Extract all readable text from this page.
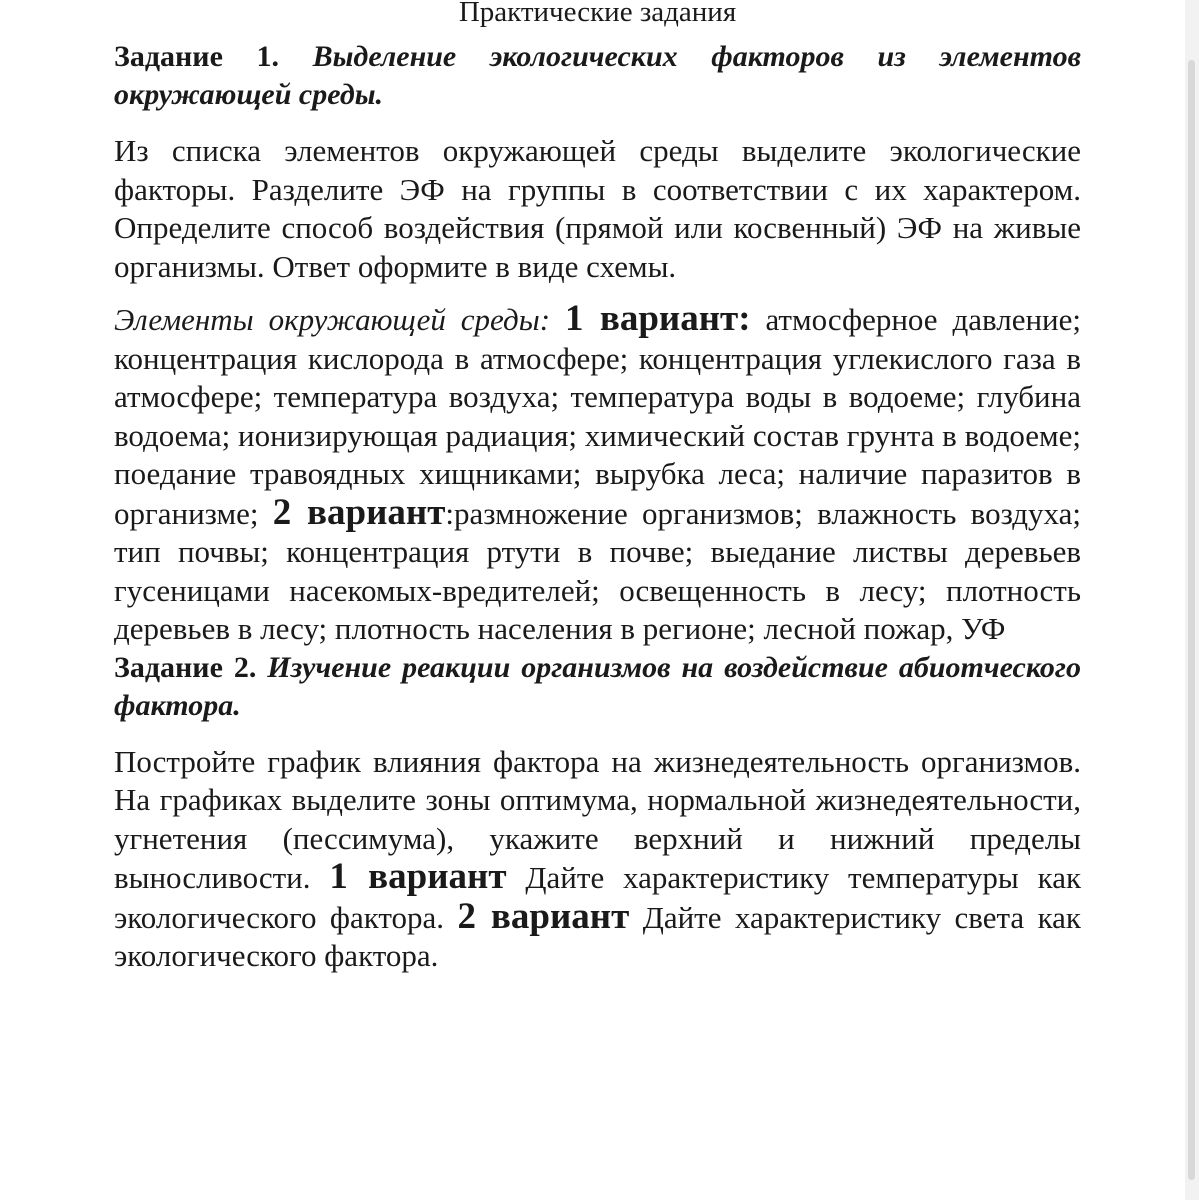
Практические задания
Задание 1. Выделение экологических факторов из элементов окружающей среды.

Из списка элементов окружающей среды выделите экологические факторы. Разделите ЭФ на группы в соответствии с их характером. Определите способ воздействия (прямой или косвенный) ЭФ на живые организмы. Ответ оформите в виде схемы.

Элементы окружающей среды: 1 вариант: атмосферное давление; концентрация кислорода в атмосфере; концентрация углекислого газа в атмосфере; температура воздуха; температура воды в водоеме; глубина водоема; ионизирующая радиация; химический состав грунта в водоеме; поедание травоядных хищниками; вырубка леса; наличие паразитов в организме; 2 вариант:размножение организмов; влажность воздуха; тип почвы; концентрация ртути в почве; выедание листвы деревьев гусеницами насекомых-вредителей; освещенность в лесу; плотность деревьев в лесу; плотность населения в регионе; лесной пожар, УФ

Задание 2. Изучение реакции организмов на воздействие абиотческого фактора.

Постройте график влияния фактора на жизнедеятельность организмов. На графиках выделите зоны оптимума, нормальной жизнедеятельности, угнетения (пессимума), укажите верхний и нижний пределы выносливости. 1 вариант Дайте характеристику температуры как экологического фактора. 2 вариант Дайте характеристику света как экологического фактора.
